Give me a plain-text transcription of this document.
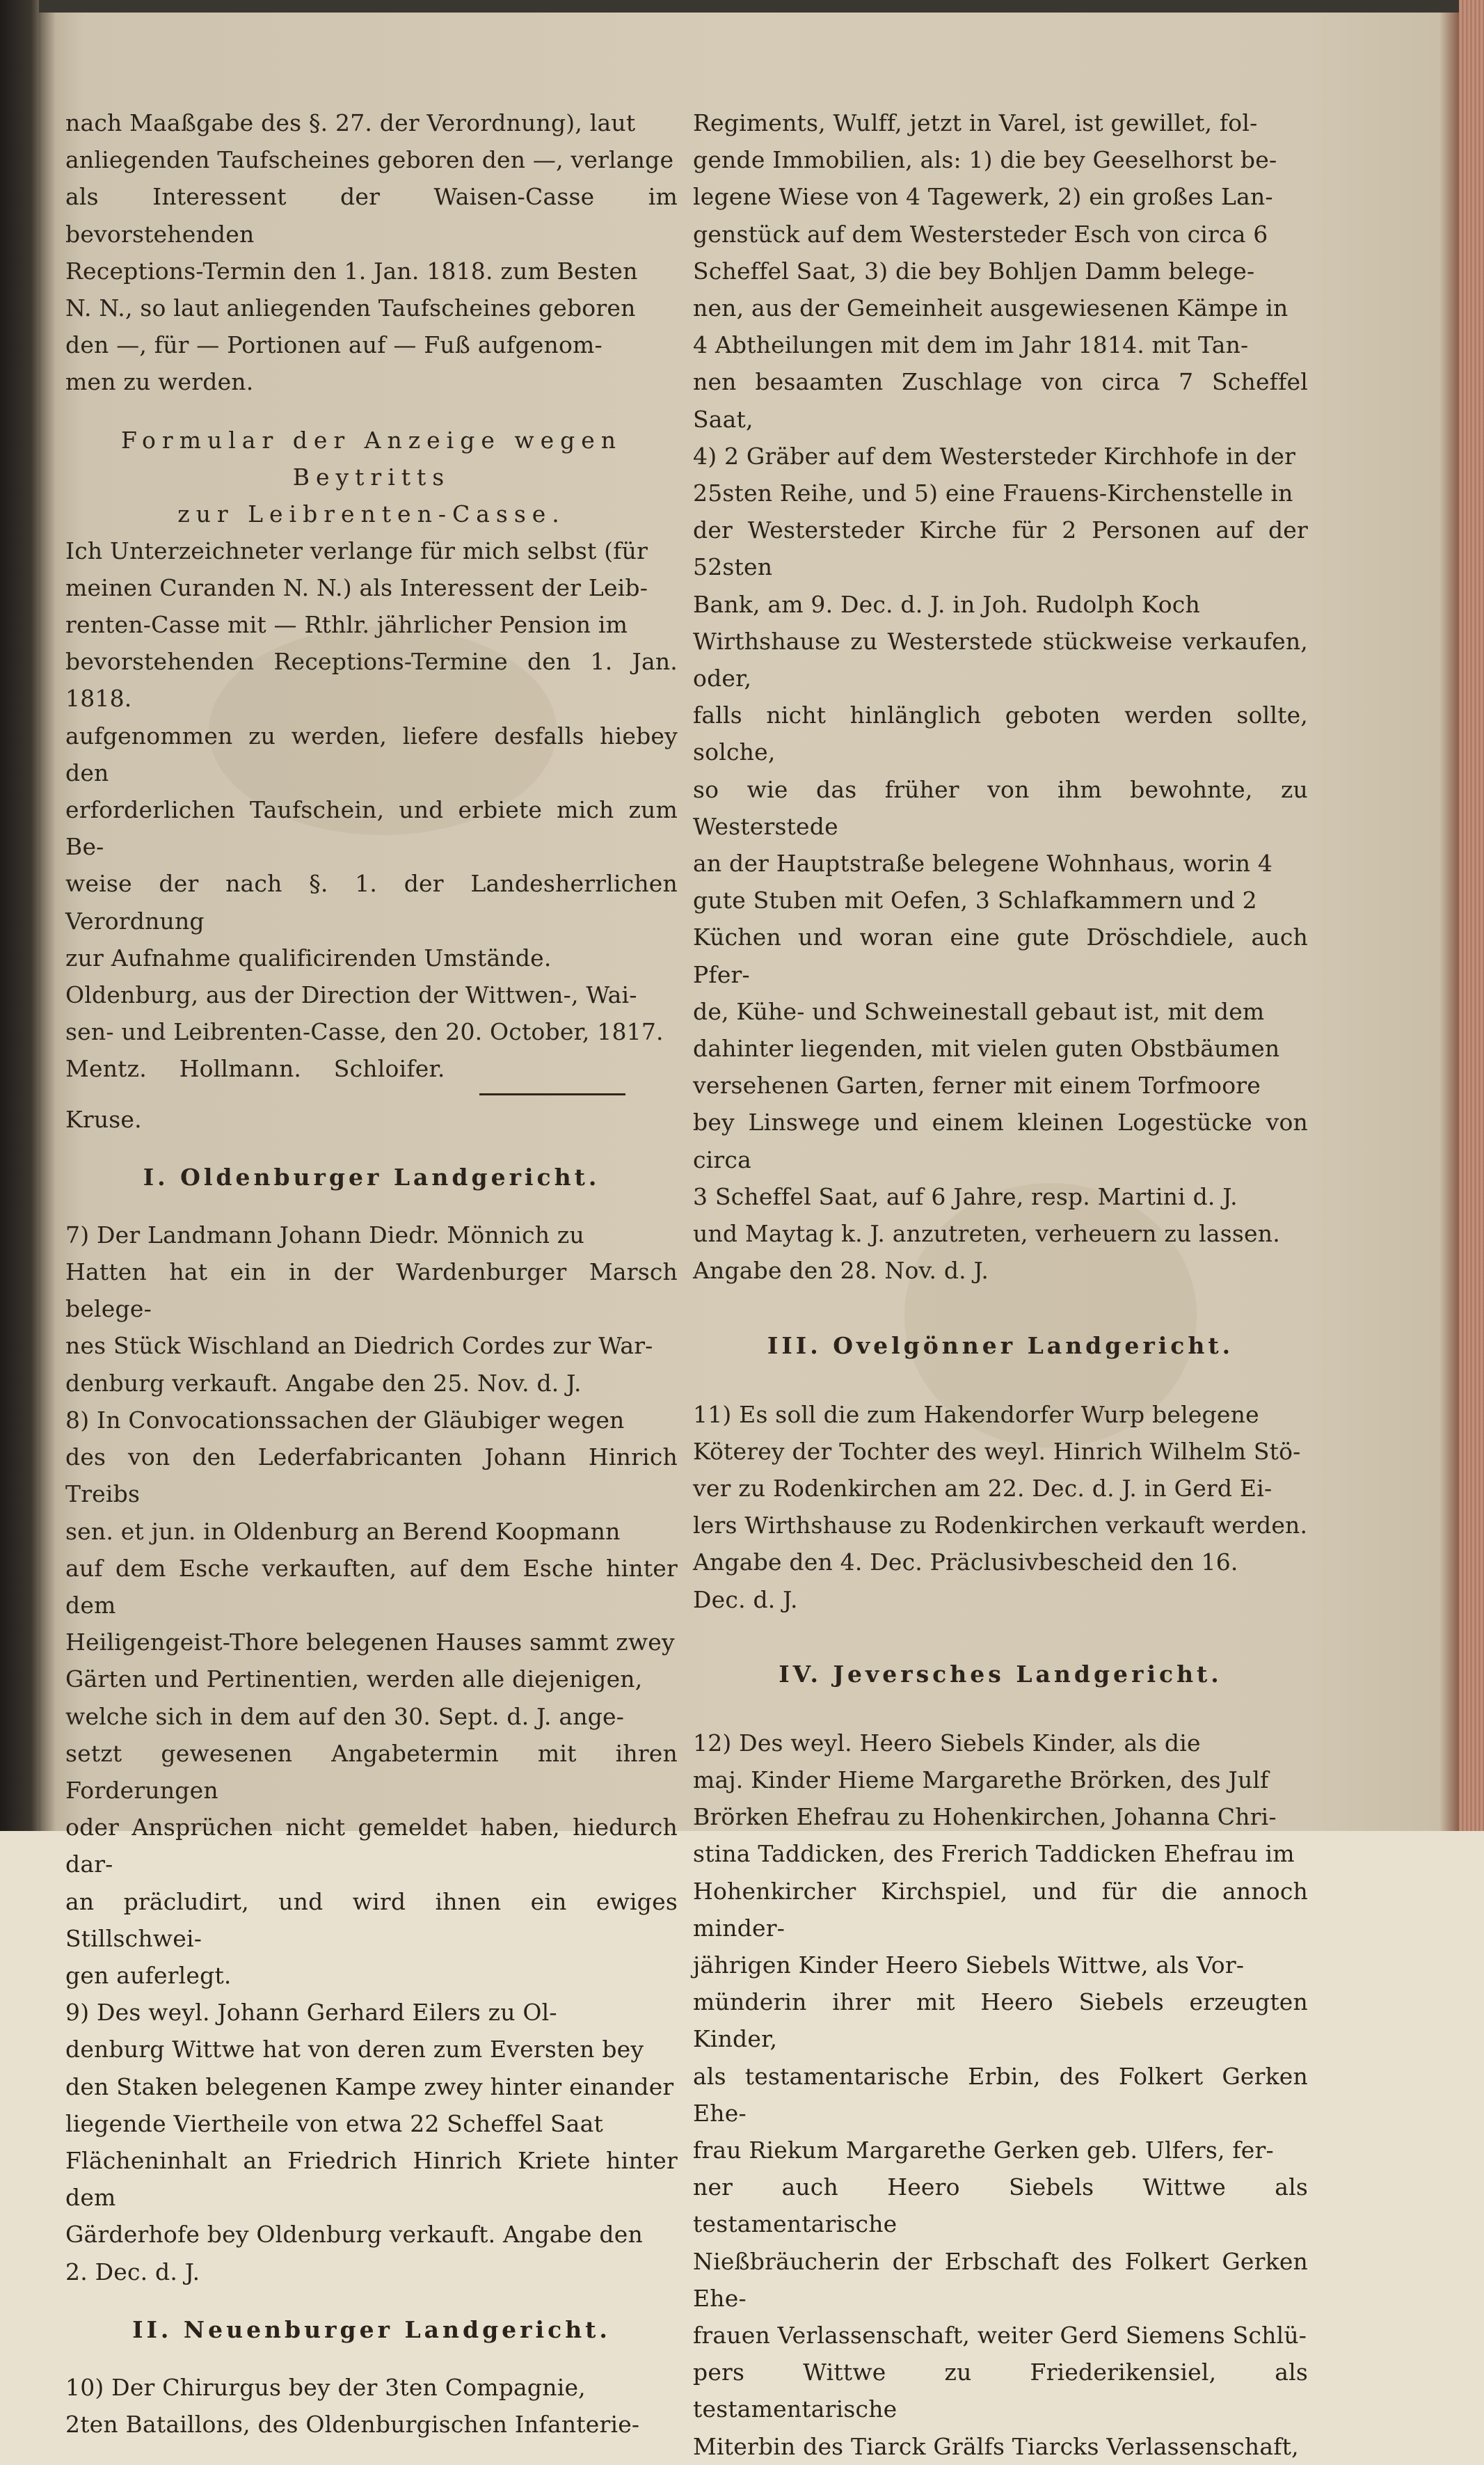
nach Maaßgabe des §. 27. der Verordnung), laut
anliegenden Taufscheines geboren den —, verlange
als Interessent der Waisen-Casse im bevorstehenden
Receptions-Termin den 1. Jan. 1818. zum Besten
N. N., so laut anliegenden Taufscheines geboren
den —, für — Portionen auf — Fuß aufgenom-
men zu werden.

Formular der Anzeige wegen Beytritts
zur Leibrenten-Casse.

Ich Unterzeichneter verlange für mich selbst (für
meinen Curanden N. N.) als Interessent der Leib-
renten-Casse mit — Rthlr. jährlicher Pension im
bevorstehenden Receptions-Termine den 1. Jan. 1818.
aufgenommen zu werden, liefere desfalls hiebey den
erforderlichen Taufschein, und erbiete mich zum Be-
weise der nach §. 1. der Landesherrlichen Verordnung
zur Aufnahme qualificirenden Umstände.

Oldenburg, aus der Direction der Wittwen-, Wai-
sen- und Leibrenten-Casse, den 20. October, 1817.

Mentz. Hollmann. Schloifer.

Kruse.

I. Oldenburger Landgericht.

7) Der Landmann Johann Diedr. Mönnich zu
Hatten hat ein in der Wardenburger Marsch belege-
nes Stück Wischland an Diedrich Cordes zur War-
denburg verkauft. Angabe den 25. Nov. d. J.

8) In Convocationssachen der Gläubiger wegen
des von den Lederfabricanten Johann Hinrich Treibs
sen. et jun. in Oldenburg an Berend Koopmann
auf dem Esche verkauften, auf dem Esche hinter dem
Heiligengeist-Thore belegenen Hauses sammt zwey
Gärten und Pertinentien, werden alle diejenigen,
welche sich in dem auf den 30. Sept. d. J. ange-
setzt gewesenen Angabetermin mit ihren Forderungen
oder Ansprüchen nicht gemeldet haben, hiedurch dar-
an präcludirt, und wird ihnen ein ewiges Stillschwei-
gen auferlegt.

9) Des weyl. Johann Gerhard Eilers zu Ol-
denburg Wittwe hat von deren zum Eversten bey
den Staken belegenen Kampe zwey hinter einander
liegende Viertheile von etwa 22 Scheffel Saat
Flächeninhalt an Friedrich Hinrich Kriete hinter dem
Gärderhofe bey Oldenburg verkauft. Angabe den
2. Dec. d. J.

II. Neuenburger Landgericht.

10) Der Chirurgus bey der 3ten Compagnie,
2ten Bataillons, des Oldenburgischen Infanterie-

Regiments, Wulff, jetzt in Varel, ist gewillet, fol-
gende Immobilien, als: 1) die bey Geeselhorst be-
legene Wiese von 4 Tagewerk, 2) ein großes Lan-
genstück auf dem Westersteder Esch von circa 6
Scheffel Saat, 3) die bey Bohljen Damm belege-
nen, aus der Gemeinheit ausgewiesenen Kämpe in
4 Abtheilungen mit dem im Jahr 1814. mit Tan-
nen besaamten Zuschlage von circa 7 Scheffel Saat,
4) 2 Gräber auf dem Westersteder Kirchhofe in der
25sten Reihe, und 5) eine Frauens-Kirchenstelle in
der Westersteder Kirche für 2 Personen auf der 52sten
Bank, am 9. Dec. d. J. in Joh. Rudolph Koch
Wirthshause zu Westerstede stückweise verkaufen, oder,
falls nicht hinlänglich geboten werden sollte, solche,
so wie das früher von ihm bewohnte, zu Westerstede
an der Hauptstraße belegene Wohnhaus, worin 4
gute Stuben mit Oefen, 3 Schlafkammern und 2
Küchen und woran eine gute Dröschdiele, auch Pfer-
de, Kühe- und Schweinestall gebaut ist, mit dem
dahinter liegenden, mit vielen guten Obstbäumen
versehenen Garten, ferner mit einem Torfmoore
bey Linswege und einem kleinen Logestücke von circa
3 Scheffel Saat, auf 6 Jahre, resp. Martini d. J.
und Maytag k. J. anzutreten, verheuern zu lassen.
Angabe den 28. Nov. d. J.

III. Ovelgönner Landgericht.

11) Es soll die zum Hakendorfer Wurp belegene
Köterey der Tochter des weyl. Hinrich Wilhelm Stö-
ver zu Rodenkirchen am 22. Dec. d. J. in Gerd Ei-
lers Wirthshause zu Rodenkirchen verkauft werden.
Angabe den 4. Dec. Präclusivbescheid den 16.
Dec. d. J.

IV. Jeversches Landgericht.

12) Des weyl. Heero Siebels Kinder, als die
maj. Kinder Hieme Margarethe Brörken, des Julf
Brörken Ehefrau zu Hohenkirchen, Johanna Chri-
stina Taddicken, des Frerich Taddicken Ehefrau im
Hohenkircher Kirchspiel, und für die annoch minder-
jährigen Kinder Heero Siebels Wittwe, als Vor-
münderin ihrer mit Heero Siebels erzeugten Kinder,
als testamentarische Erbin, des Folkert Gerken Ehe-
frau Riekum Margarethe Gerken geb. Ulfers, fer-
ner auch Heero Siebels Wittwe als testamentarische
Nießbräucherin der Erbschaft des Folkert Gerken Ehe-
frauen Verlassenschaft, weiter Gerd Siemens Schlü-
pers Wittwe zu Friederikensiel, als testamentarische
Miterbin des Tiarck Grälfs Tiarcks Verlassenschaft,
